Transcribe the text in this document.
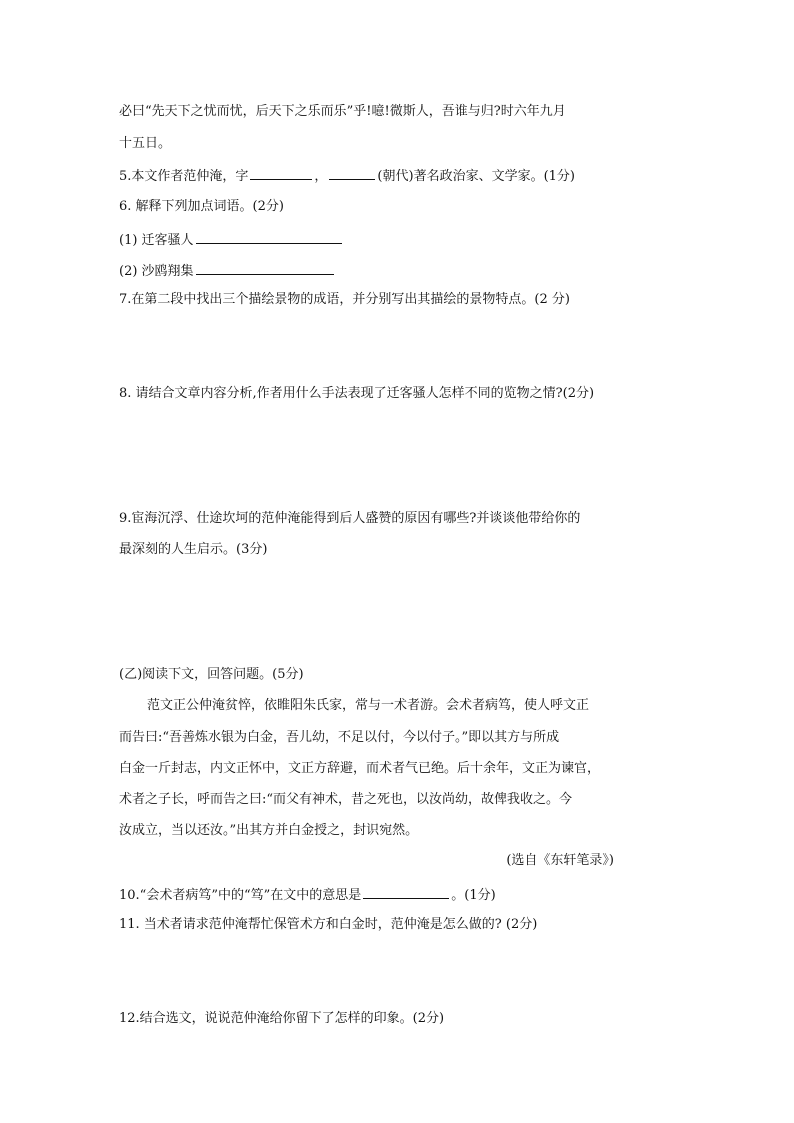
必曰“先天下之忧而忧，后天下之乐而乐”乎!噫!微斯人，吾谁与归?时六年九月
十五日。
5.本文作者范仲淹，字	，	(朝代)著名政治家、文学家。(1分)
6. 解释下列加点词语。(2分)
(1) 迁客骚人
(2) 沙鸥翔集
7.在第二段中找出三个描绘景物的成语，并分别写出其描绘的景物特点。(2 分)
8. 请结合文章内容分析,作者用什么手法表现了迁客骚人怎样不同的览物之情?(2分)
9.宦海沉浮、仕途坎坷的范仲淹能得到后人盛赞的原因有哪些?并谈谈他带给你的
最深刻的人生启示。(3分)
(乙)阅读下文，回答问题。(5分)
范文正公仲淹贫悴，依睢阳朱氏家，常与一术者游。会术者病笃，使人呼文正
而告曰:“吾善炼水银为白金，吾儿幼，不足以付，今以付子。”即以其方与所成
白金一斤封志，内文正怀中，文正方辞避，而术者气已绝。后十余年，文正为谏官，
术者之子长，呼而告之曰:“而父有神术，昔之死也，以汝尚幼，故俾我收之。今
汝成立，当以还汝。”出其方并白金授之，封识宛然。
(选自《东轩笔录》)
10.“会术者病笃”中的“笃”在文中的意思是	。(1分)
11. 当术者请求范仲淹帮忙保管术方和白金时，范仲淹是怎么做的? (2分)
12.结合选文，说说范仲淹给你留下了怎样的印象。(2分)
